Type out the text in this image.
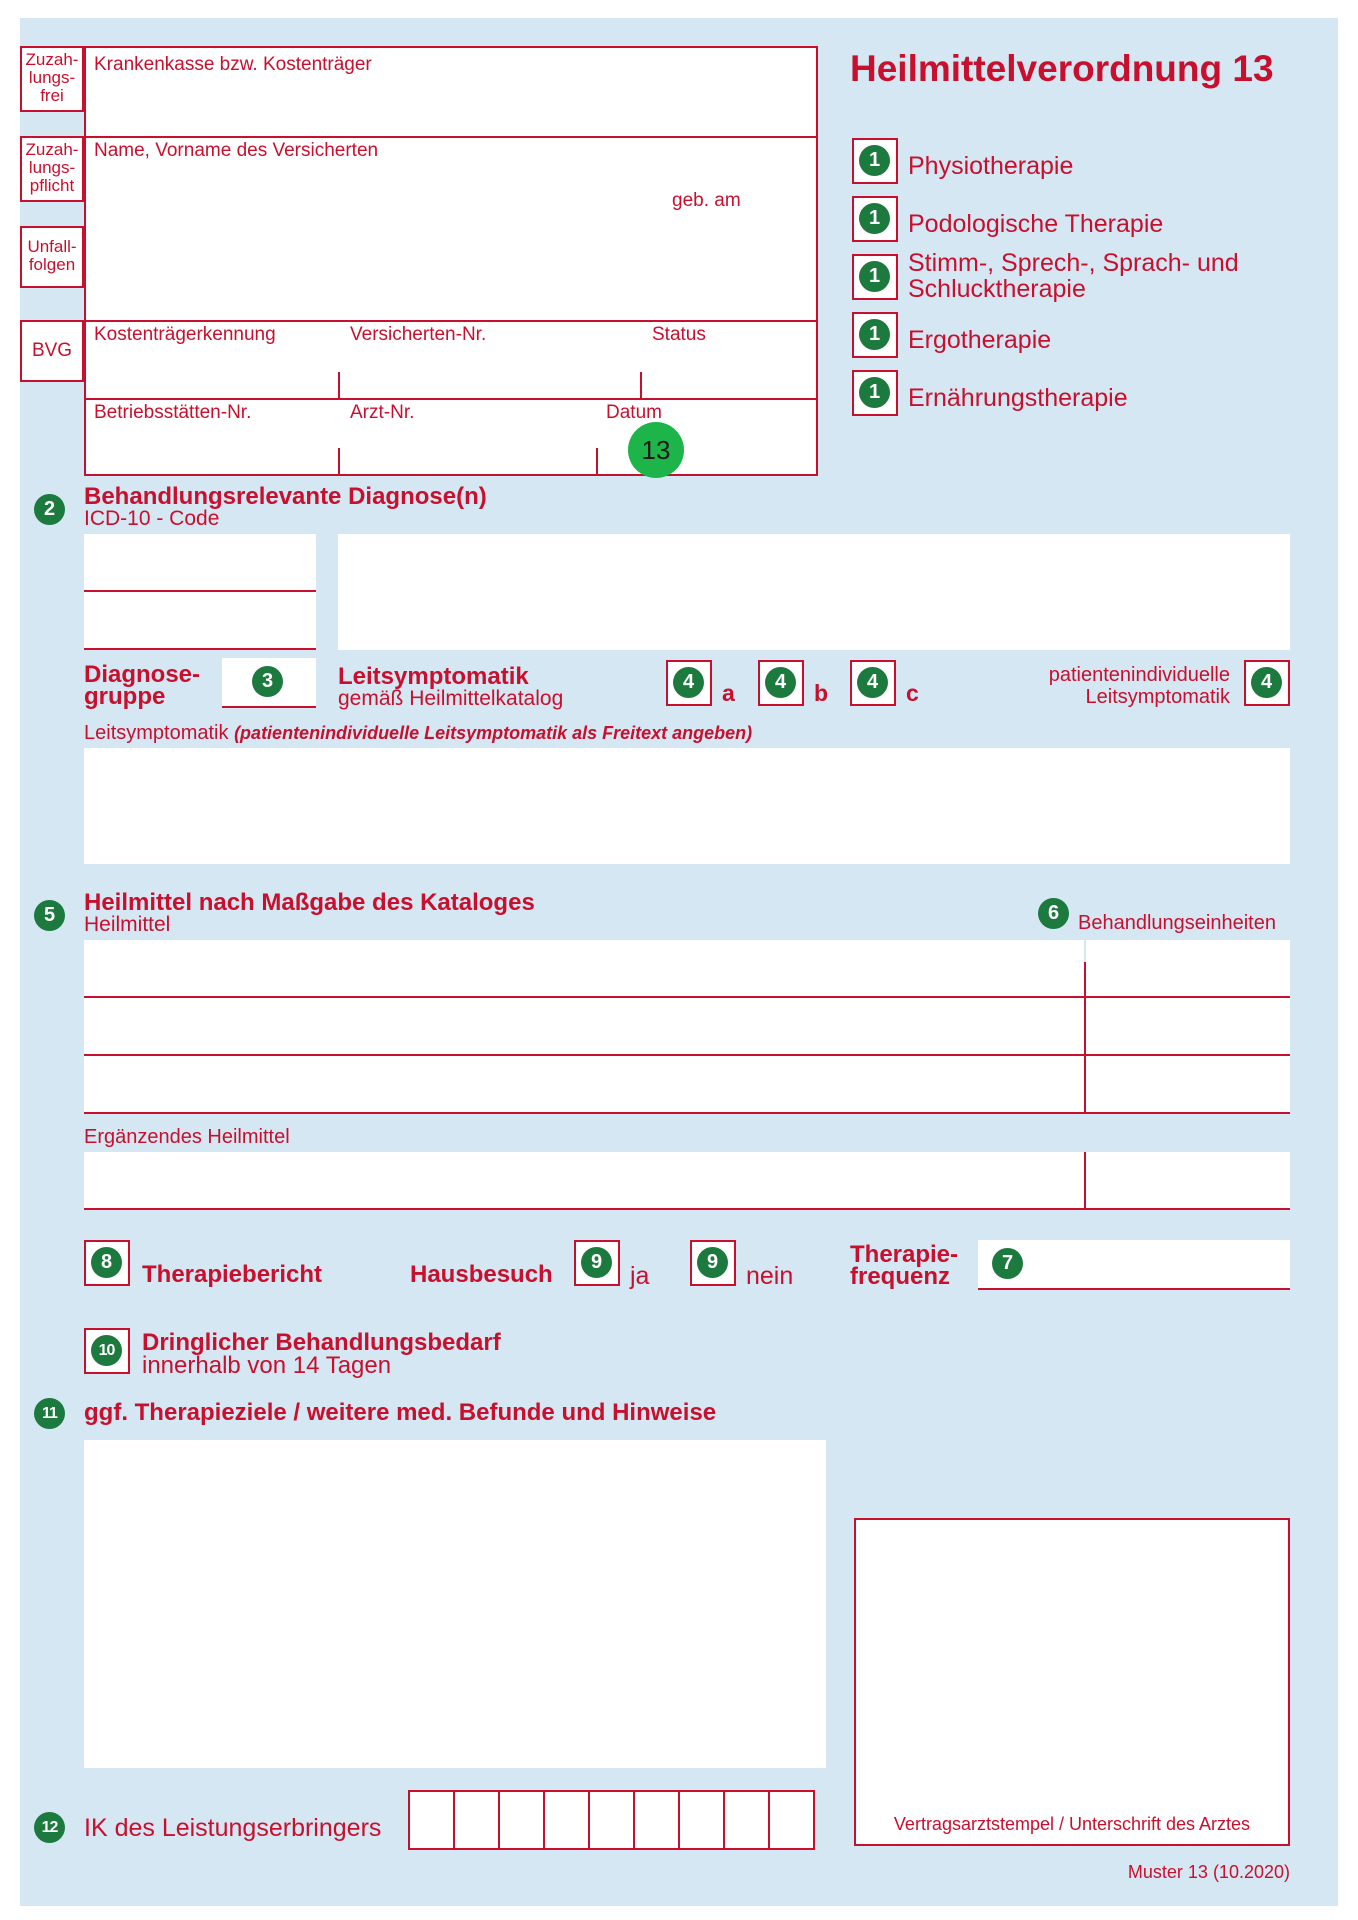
Zuzah-
lungs-
frei
Zuzah-
lungs-
pflicht
Unfall-
folgen
BVG
Krankenkasse bzw. Kostenträger
Name, Vorname des Versicherten
geb. am
Kostenträgerkennung	Versicherten-Nr.	Status
Betriebsstätten-Nr.	Arzt-Nr.	Datum
13
Heilmittelverordnung 13
1	Physiotherapie
1	Podologische Therapie
1	Stimm-, Sprech-, Sprach- und
Schlucktherapie
1	Ergotherapie
1	Ernährungstherapie
2	Behandlungsrelevante Diagnose(n)
ICD-10 - Code
Diagnose-
gruppe
3	Leitsymptomatik
gemäß Heilmittelkatalog
4	a	4	b	4	c
patientenindividuelle
Leitsymptomatik
4
Leitsymptomatik (patientenindividuelle Leitsymptomatik als Freitext angeben)
5	Heilmittel nach Maßgabe des Kataloges
Heilmittel	6 Behandlungseinheiten
Ergänzendes Heilmittel
8	Therapiebericht	Hausbesuch	9	ja	9	nein
Therapie-
frequenz	7
10	Dringlicher Behandlungsbedarf
innerhalb von 14 Tagen
11	ggf. Therapieziele / weitere med. Befunde und Hinweise
Vertragsarztstempel / Unterschrift des Arztes
12	IK des Leistungserbringers
Muster 13 (10.2020)
